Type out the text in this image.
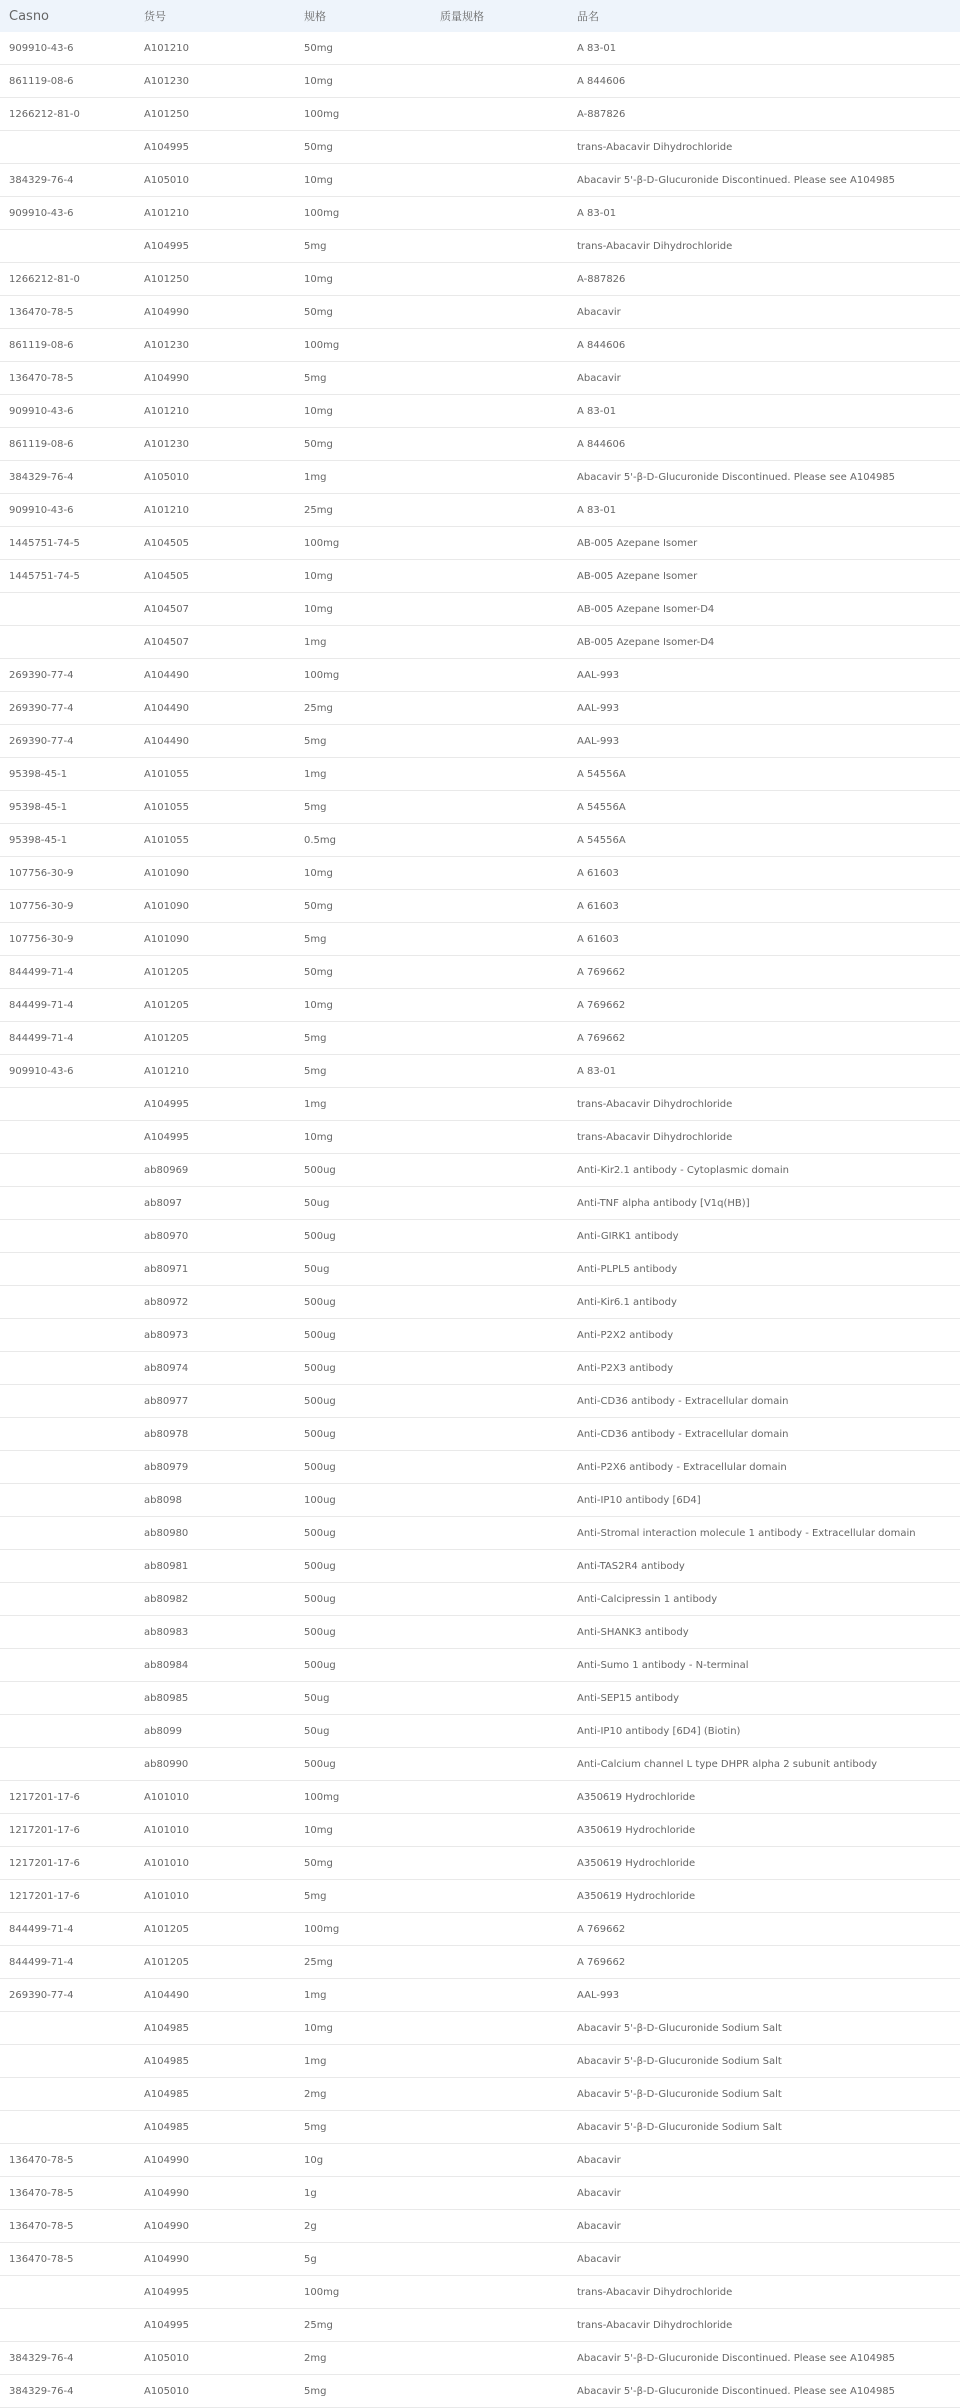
Casno	货号	规格	质量规格	品名
909910-43-6	A101210	50mg		A 83-01
861119-08-6	A101230	10mg		A 844606
1266212-81-0	A101250	100mg		A-887826
	A104995	50mg		trans-Abacavir Dihydrochloride
384329-76-4	A105010	10mg		Abacavir 5'-β-D-Glucuronide Discontinued. Please see A104985
909910-43-6	A101210	100mg		A 83-01
	A104995	5mg		trans-Abacavir Dihydrochloride
1266212-81-0	A101250	10mg		A-887826
136470-78-5	A104990	50mg		Abacavir
861119-08-6	A101230	100mg		A 844606
136470-78-5	A104990	5mg		Abacavir
909910-43-6	A101210	10mg		A 83-01
861119-08-6	A101230	50mg		A 844606
384329-76-4	A105010	1mg		Abacavir 5'-β-D-Glucuronide Discontinued. Please see A104985
909910-43-6	A101210	25mg		A 83-01
1445751-74-5	A104505	100mg		AB-005 Azepane Isomer
1445751-74-5	A104505	10mg		AB-005 Azepane Isomer
	A104507	10mg		AB-005 Azepane Isomer-D4
	A104507	1mg		AB-005 Azepane Isomer-D4
269390-77-4	A104490	100mg		AAL-993
269390-77-4	A104490	25mg		AAL-993
269390-77-4	A104490	5mg		AAL-993
95398-45-1	A101055	1mg		A 54556A
95398-45-1	A101055	5mg		A 54556A
95398-45-1	A101055	0.5mg		A 54556A
107756-30-9	A101090	10mg		A 61603
107756-30-9	A101090	50mg		A 61603
107756-30-9	A101090	5mg		A 61603
844499-71-4	A101205	50mg		A 769662
844499-71-4	A101205	10mg		A 769662
844499-71-4	A101205	5mg		A 769662
909910-43-6	A101210	5mg		A 83-01
	A104995	1mg		trans-Abacavir Dihydrochloride
	A104995	10mg		trans-Abacavir Dihydrochloride
	ab80969	500ug		Anti-Kir2.1 antibody - Cytoplasmic domain
	ab8097	50ug		Anti-TNF alpha antibody [V1q(HB)]
	ab80970	500ug		Anti-GIRK1 antibody
	ab80971	50ug		Anti-PLPL5 antibody
	ab80972	500ug		Anti-Kir6.1 antibody
	ab80973	500ug		Anti-P2X2 antibody
	ab80974	500ug		Anti-P2X3 antibody
	ab80977	500ug		Anti-CD36 antibody - Extracellular domain
	ab80978	500ug		Anti-CD36 antibody - Extracellular domain
	ab80979	500ug		Anti-P2X6 antibody - Extracellular domain
	ab8098	100ug		Anti-IP10 antibody [6D4]
	ab80980	500ug		Anti-Stromal interaction molecule 1 antibody - Extracellular domain
	ab80981	500ug		Anti-TAS2R4 antibody
	ab80982	500ug		Anti-Calcipressin 1 antibody
	ab80983	500ug		Anti-SHANK3 antibody
	ab80984	500ug		Anti-Sumo 1 antibody - N-terminal
	ab80985	50ug		Anti-SEP15 antibody
	ab8099	50ug		Anti-IP10 antibody [6D4] (Biotin)
	ab80990	500ug		Anti-Calcium channel L type DHPR alpha 2 subunit antibody
1217201-17-6	A101010	100mg		A350619 Hydrochloride
1217201-17-6	A101010	10mg		A350619 Hydrochloride
1217201-17-6	A101010	50mg		A350619 Hydrochloride
1217201-17-6	A101010	5mg		A350619 Hydrochloride
844499-71-4	A101205	100mg		A 769662
844499-71-4	A101205	25mg		A 769662
269390-77-4	A104490	1mg		AAL-993
	A104985	10mg		Abacavir 5'-β-D-Glucuronide Sodium Salt
	A104985	1mg		Abacavir 5'-β-D-Glucuronide Sodium Salt
	A104985	2mg		Abacavir 5'-β-D-Glucuronide Sodium Salt
	A104985	5mg		Abacavir 5'-β-D-Glucuronide Sodium Salt
136470-78-5	A104990	10g		Abacavir
136470-78-5	A104990	1g		Abacavir
136470-78-5	A104990	2g		Abacavir
136470-78-5	A104990	5g		Abacavir
	A104995	100mg		trans-Abacavir Dihydrochloride
	A104995	25mg		trans-Abacavir Dihydrochloride
384329-76-4	A105010	2mg		Abacavir 5'-β-D-Glucuronide Discontinued. Please see A104985
384329-76-4	A105010	5mg		Abacavir 5'-β-D-Glucuronide Discontinued. Please see A104985
